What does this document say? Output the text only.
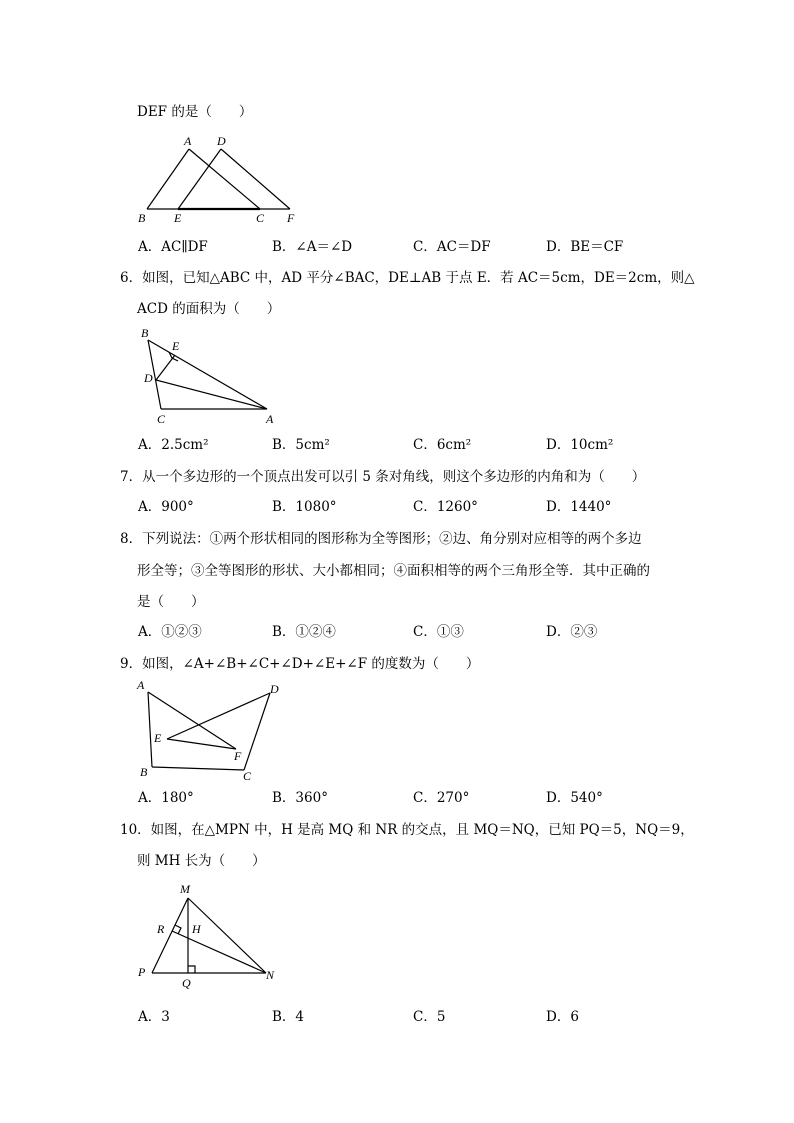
DEF 的是（　　）
A D
B E	C F
A．AC∥DF	B．∠A＝∠D	C．AC＝DF	D．BE＝CF
6．如图，已知△ABC 中，AD 平分∠BAC，DE⊥AB 于点 E．若 AC＝5cm，DE＝2cm，则△
ACD 的面积为（　　）
B
E
D
C	A
A．2.5cm²	B．5cm²	C．6cm²	D．10cm²
7．从一个多边形的一个顶点出发可以引 5 条对角线，则这个多边形的内角和为（　　）
A．900°	B．1080°	C．1260°	D．1440°
8．下列说法：①两个形状相同的图形称为全等图形；②边、角分别对应相等的两个多边
形全等；③全等图形的形状、大小都相同；④面积相等的两个三角形全等．其中正确的
是（　　）
A．①②③	B．①②④	C．①③	D．②③
9．如图，∠A+∠B+∠C+∠D+∠E+∠F 的度数为（　　）
A	D
E
F
B	C
A．180°	B．360°	C．270°	D．540°
10．如图，在△MPN 中，H 是高 MQ 和 NR 的交点，且 MQ＝NQ，已知 PQ＝5，NQ＝9，
则 MH 长为（　　）
M
R H
P
Q
N
A．3	B．4	C．5	D．6
